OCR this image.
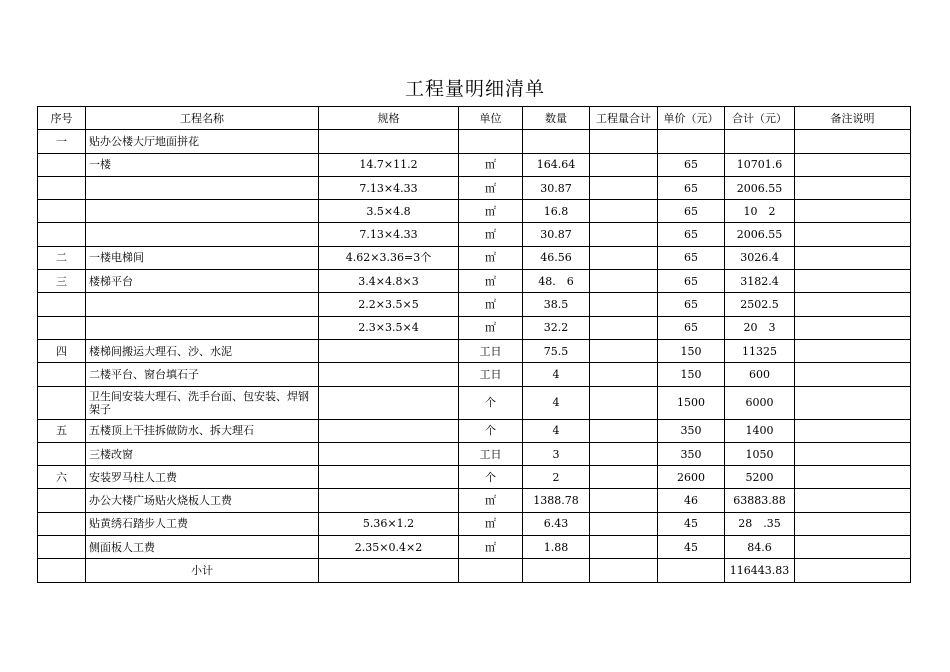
工程量明细清单
序号	工程名称	规格	单位	数量	工程量合计	单价（元）	合计（元）	备注说明
一	贴办公楼大厅地面拼花							
	一楼	14.7×11.2	㎡	164.64		65	10701.6	
		7.13×4.33	㎡	30.87		65	2006.55	
		3.5×4.8	㎡	16.8		65	10　2	
		7.13×4.33	㎡	30.87		65	2006.55	
二	一楼电梯间	4.62×3.36=3个	㎡	46.56		65	3026.4	
三	楼梯平台	3.4×4.8×3	㎡	48.　6		65	3182.4	
		2.2×3.5×5	㎡	38.5		65	2502.5	
		2.3×3.5×4	㎡	32.2		65	20　3	
四	楼梯间搬运大理石、沙、水泥		工日	75.5		150	11325	
	二楼平台、窗台填石子		工日	4		150	600	
	卫生间安装大理石、洗手台面、包安装、焊钢架子		个	4		1500	6000	
五	五楼顶上干挂拆做防水、拆大理石		个	4		350	1400	
	三楼改窗		工日	3		350	1050	
六	安装罗马柱人工费		个	2		2600	5200	
	办公大楼广场贴火烧板人工费		㎡	1388.78		46	63883.88	
	贴黄绣石踏步人工费	5.36×1.2	㎡	6.43		45	28　.35	
	侧面板人工费	2.35×0.4×2	㎡	1.88		45	84.6	
	小计						116443.83	
